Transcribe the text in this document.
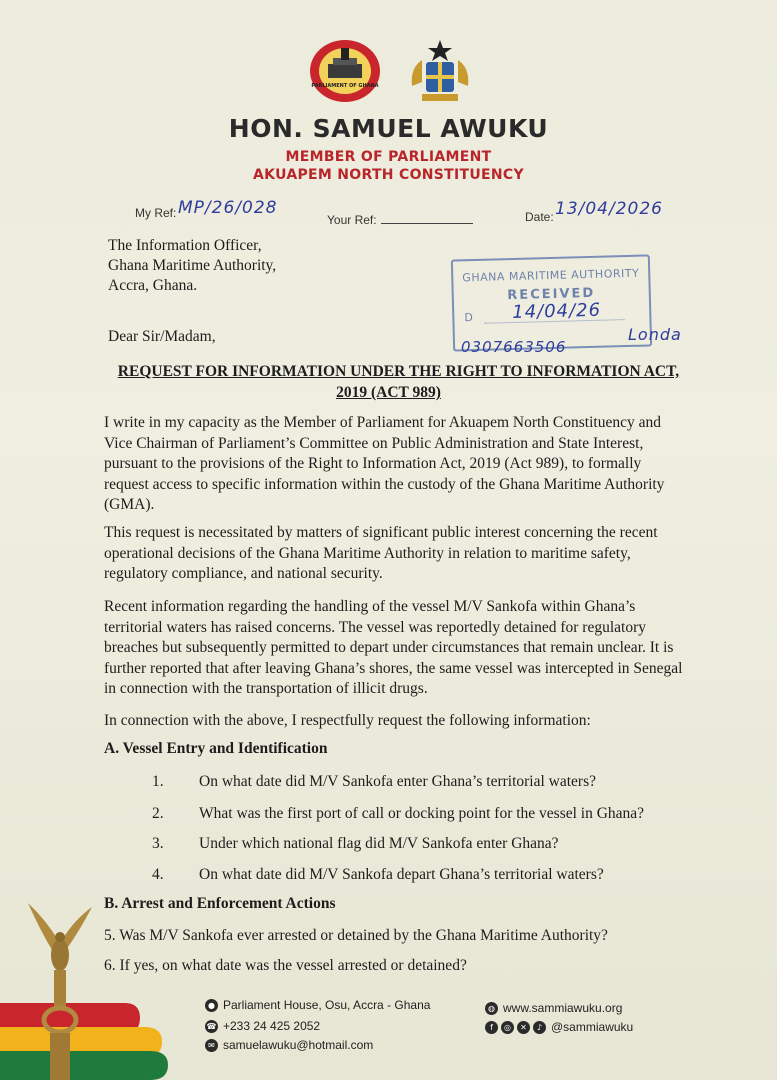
PARLIAMENT OF GHANA
HON. SAMUEL AWUKU
MEMBER OF PARLIAMENT
AKUAPEM NORTH CONSTITUENCY
My Ref: MP/26/028
Your Ref:	Date: 13/04/2026
The Information Officer,
Ghana Maritime Authority,
Accra, Ghana.
GHANA MARITIME AUTHORITY
RECEIVED
D 14/04/26
0307663506
Londa
Dear Sir/Madam,
REQUEST FOR INFORMATION UNDER THE RIGHT TO INFORMATION ACT,
2019 (ACT 989)
I write in my capacity as the Member of Parliament for Akuapem North Constituency and Vice Chairman of Parliament’s Committee on Public Administration and State Interest, pursuant to the provisions of the Right to Information Act, 2019 (Act 989), to formally request access to specific information within the custody of the Ghana Maritime Authority (GMA).
This request is necessitated by matters of significant public interest concerning the recent operational decisions of the Ghana Maritime Authority in relation to maritime safety, regulatory compliance, and national security.
Recent information regarding the handling of the vessel M/V Sankofa within Ghana’s territorial waters has raised concerns. The vessel was reportedly detained for regulatory breaches but subsequently permitted to depart under circumstances that remain unclear. It is further reported that after leaving Ghana’s shores, the same vessel was intercepted in Senegal in connection with the transportation of illicit drugs.
In connection with the above, I respectfully request the following information:
A. Vessel Entry and Identification
1. On what date did M/V Sankofa enter Ghana’s territorial waters?
2. What was the first port of call or docking point for the vessel in Ghana?
3. Under which national flag did M/V Sankofa enter Ghana?
4. On what date did M/V Sankofa depart Ghana’s territorial waters?
B. Arrest and Enforcement Actions
5. Was M/V Sankofa ever arrested or detained by the Ghana Maritime Authority?
6. If yes, on what date was the vessel arrested or detained?
● Parliament House, Osu, Accra - Ghana
☎ +233 24 425 2052
✉ samuelawuku@hotmail.com
◍ www.sammiawuku.org
f	◎	✕	♪ @sammiawuku
